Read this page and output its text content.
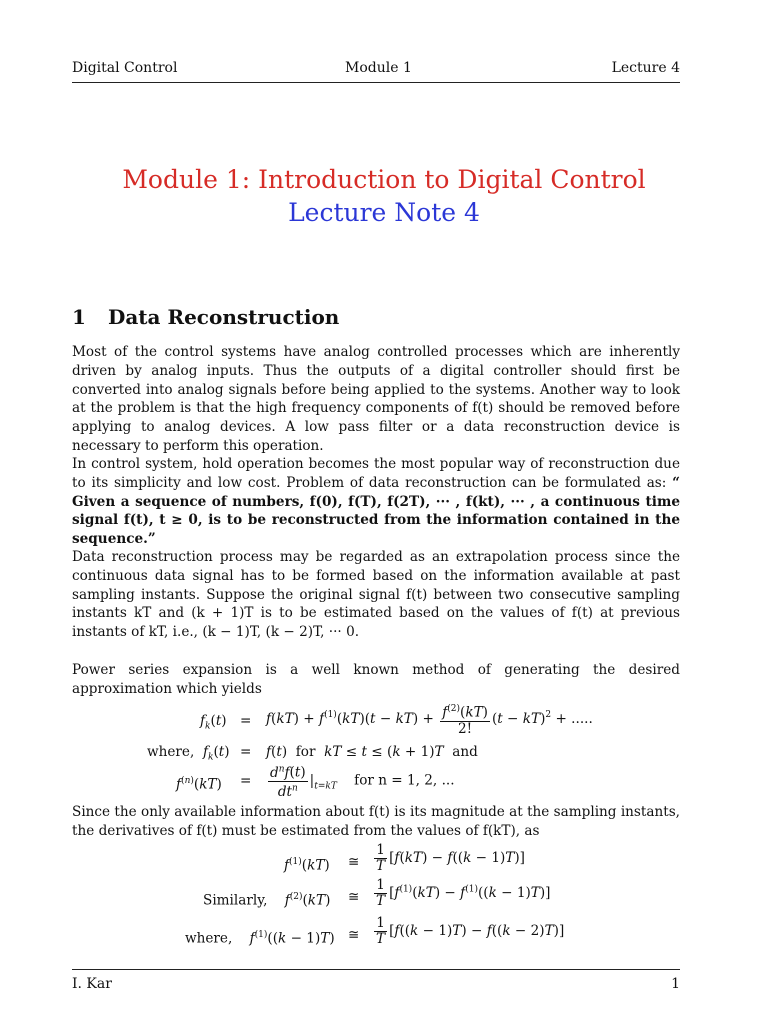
Digital Control	Module 1	Lecture 4
Module 1: Introduction to Digital Control
Lecture Note 4
1 Data Reconstruction
Most of the control systems have analog controlled processes which are inherently driven by analog inputs. Thus the outputs of a digital controller should first be converted into analog signals before being applied to the systems. Another way to look at the problem is that the high frequency components of f(t) should be removed before applying to analog devices. A low pass filter or a data reconstruction device is necessary to perform this operation.
In control system, hold operation becomes the most popular way of reconstruction due to its simplicity and low cost. Problem of data reconstruction can be formulated as: “ Given a sequence of numbers, f(0), f(T), f(2T), ··· , f(kt), ··· , a continuous time signal f(t), t ≥ 0, is to be reconstructed from the information contained in the sequence.”
Data reconstruction process may be regarded as an extrapolation process since the continuous data signal has to be formed based on the information available at past sampling instants. Suppose the original signal f(t) between two consecutive sampling instants kT and (k + 1)T is to be estimated based on the values of f(t) at previous instants of kT, i.e., (k − 1)T, (k − 2)T, ··· 0.
Power series expansion is a well known method of generating the desired approximation which yields
$f_k(t) = f(kT) + f^{(1)}(kT)(t - kT) + \frac{f^{(2)}(kT)}{2!} (t - kT)^2$ + .....
where, $f_k(t) = f(t)$  for  kT ≤ t ≤ (k + 1)T and
$f^{(n)}(kT) = \frac{d^nf(t)}{dt^n} |_{t=kT}$ for n = 1, 2, ...
Since the only available information about f(t) is its magnitude at the sampling instants, the derivatives of f(t) must be estimated from the values of f(kT), as
$f^{(1)}(kT)$ ≅ $\frac{1}{T} [f(kT) - f((k - 1)T)]$
Similarly, $f^{(2)}(kT)$ ≅ $\frac{1}{T} [f^{(1)}(kT) - f^{(1)}((k - 1)T)]$
where, $f^{(1)}((k - 1)T)$ ≅ $\frac{1}{T} [f((k - 1)T) - f((k - 2)T)]$
I. Kar	1
